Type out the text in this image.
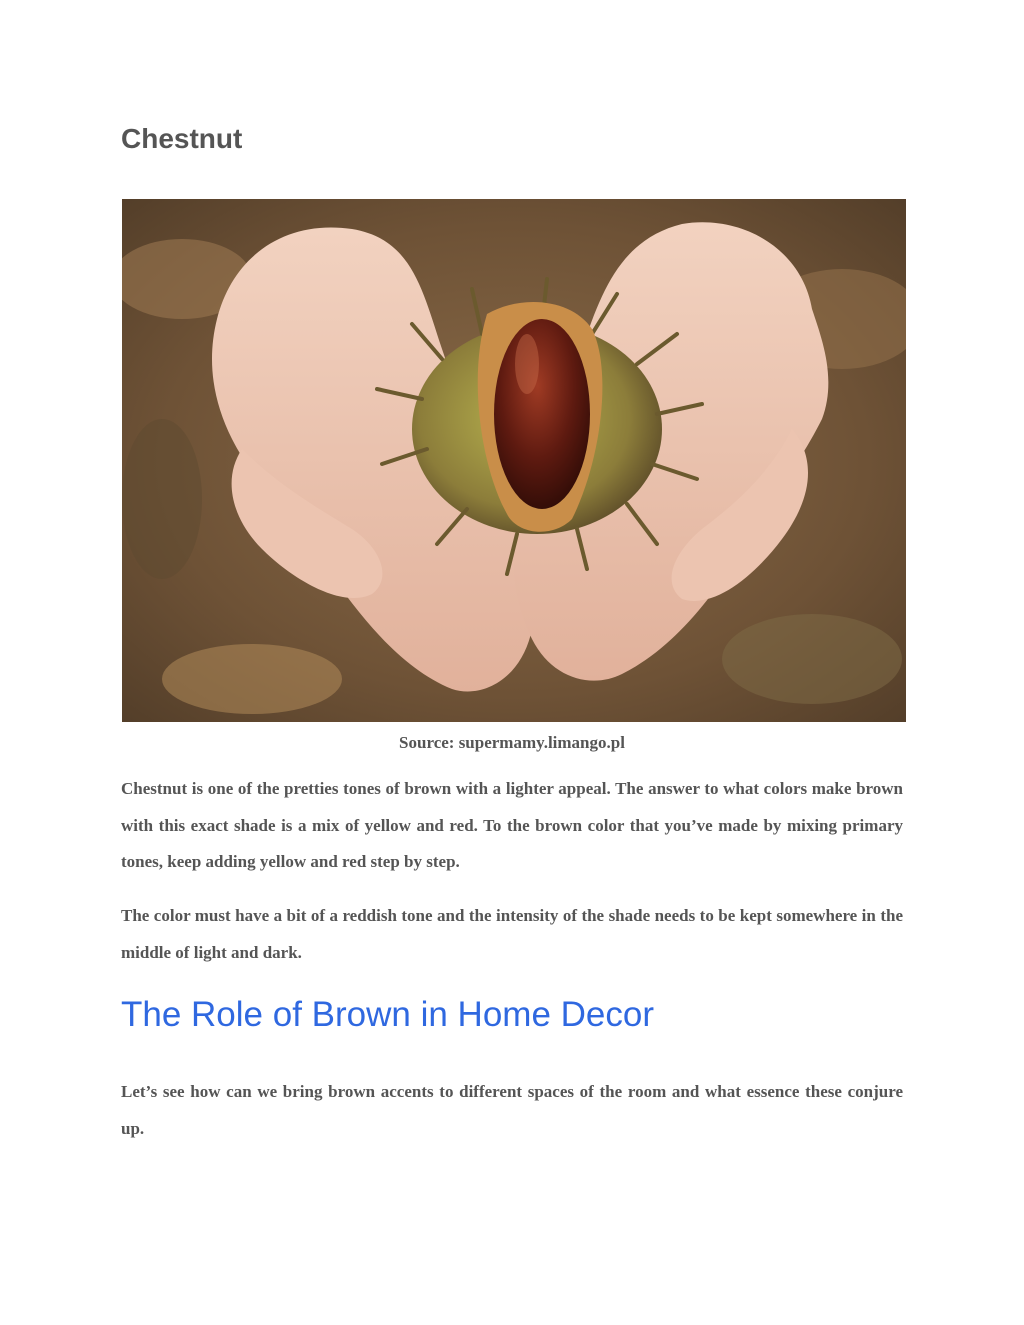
Chestnut

Source: supermamy.limango.pl

Chestnut is one of the pretties tones of brown with a lighter appeal. The answer to what colors make brown with this exact shade is a mix of yellow and red. To the brown color that you’ve made by mixing primary tones, keep adding yellow and red step by step.

The color must have a bit of a reddish tone and the intensity of the shade needs to be kept somewhere in the middle of light and dark.

The Role of Brown in Home Decor

Let’s see how can we bring brown accents to different spaces of the room and what essence these conjure up.
